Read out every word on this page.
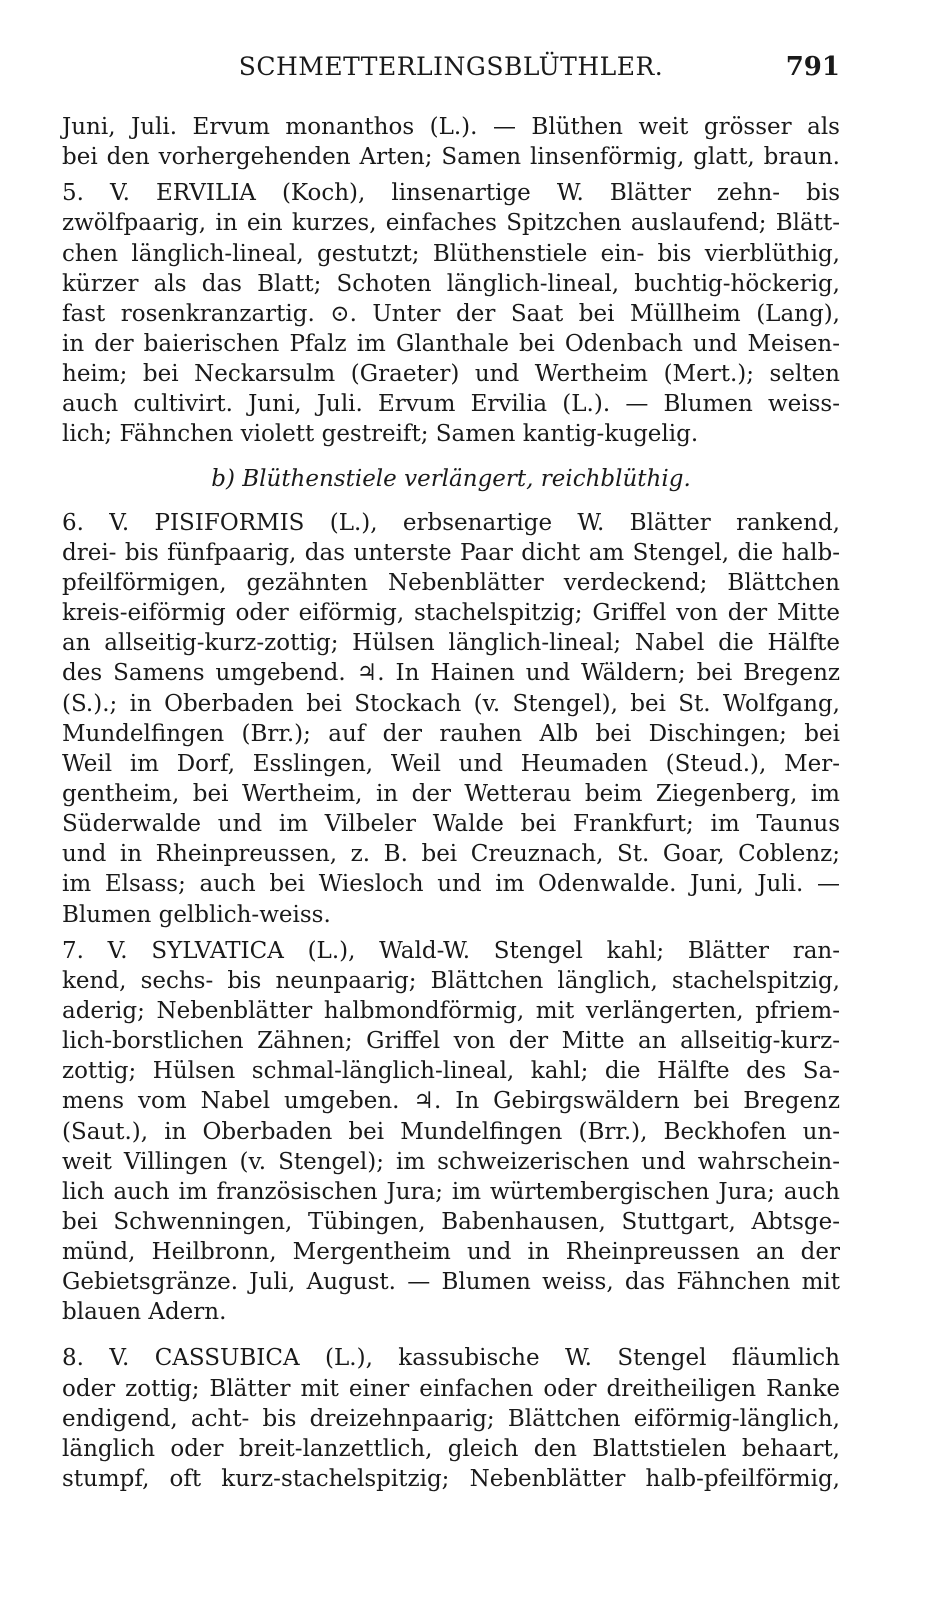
SCHMETTERLINGSBLÜTHLER.	791
Juni, Juli. Ervum monanthos (L.). — Blüthen weit grösser als
bei den vorhergehenden Arten; Samen linsenförmig, glatt, braun.
5. V. ERVILIA (Koch), linsenartige W. Blätter zehn- bis
zwölfpaarig, in ein kurzes, einfaches Spitzchen auslaufend; Blätt-
chen länglich-lineal, gestutzt; Blüthenstiele ein- bis vierblüthig,
kürzer als das Blatt; Schoten länglich-lineal, buchtig-höckerig,
fast rosenkranzartig. ⊙. Unter der Saat bei Müllheim (Lang),
in der baierischen Pfalz im Glanthale bei Odenbach und Meisen-
heim; bei Neckarsulm (Graeter) und Wertheim (Mert.); selten
auch cultivirt. Juni, Juli. Ervum Ervilia (L.). — Blumen weiss-
lich; Fähnchen violett gestreift; Samen kantig-kugelig.
b) Blüthenstiele verlängert, reichblüthig.
6. V. PISIFORMIS (L.), erbsenartige W. Blätter rankend,
drei- bis fünfpaarig, das unterste Paar dicht am Stengel, die halb-
pfeilförmigen, gezähnten Nebenblätter verdeckend; Blättchen
kreis-eiförmig oder eiförmig, stachelspitzig; Griffel von der Mitte
an allseitig-kurz-zottig; Hülsen länglich-lineal; Nabel die Hälfte
des Samens umgebend. ♃. In Hainen und Wäldern; bei Bregenz
(S.).; in Oberbaden bei Stockach (v. Stengel), bei St. Wolfgang,
Mundelfingen (Brr.); auf der rauhen Alb bei Dischingen; bei
Weil im Dorf, Esslingen, Weil und Heumaden (Steud.), Mer-
gentheim, bei Wertheim, in der Wetterau beim Ziegenberg, im
Süderwalde und im Vilbeler Walde bei Frankfurt; im Taunus
und in Rheinpreussen, z. B. bei Creuznach, St. Goar, Coblenz;
im Elsass; auch bei Wiesloch und im Odenwalde. Juni, Juli. —
Blumen gelblich-weiss.
7. V. SYLVATICA (L.), Wald-W. Stengel kahl; Blätter ran-
kend, sechs- bis neunpaarig; Blättchen länglich, stachelspitzig,
aderig; Nebenblätter halbmondförmig, mit verlängerten, pfriem-
lich-borstlichen Zähnen; Griffel von der Mitte an allseitig-kurz-
zottig; Hülsen schmal-länglich-lineal, kahl; die Hälfte des Sa-
mens vom Nabel umgeben. ♃. In Gebirgswäldern bei Bregenz
(Saut.), in Oberbaden bei Mundelfingen (Brr.), Beckhofen un-
weit Villingen (v. Stengel); im schweizerischen und wahrschein-
lich auch im französischen Jura; im würtembergischen Jura; auch
bei Schwenningen, Tübingen, Babenhausen, Stuttgart, Abtsge-
münd, Heilbronn, Mergentheim und in Rheinpreussen an der
Gebietsgränze. Juli, August. — Blumen weiss, das Fähnchen mit
blauen Adern.
8. V. CASSUBICA (L.), kassubische W. Stengel fläumlich
oder zottig; Blätter mit einer einfachen oder dreitheiligen Ranke
endigend, acht- bis dreizehnpaarig; Blättchen eiförmig-länglich,
länglich oder breit-lanzettlich, gleich den Blattstielen behaart,
stumpf, oft kurz-stachelspitzig; Nebenblätter halb-pfeilförmig,
